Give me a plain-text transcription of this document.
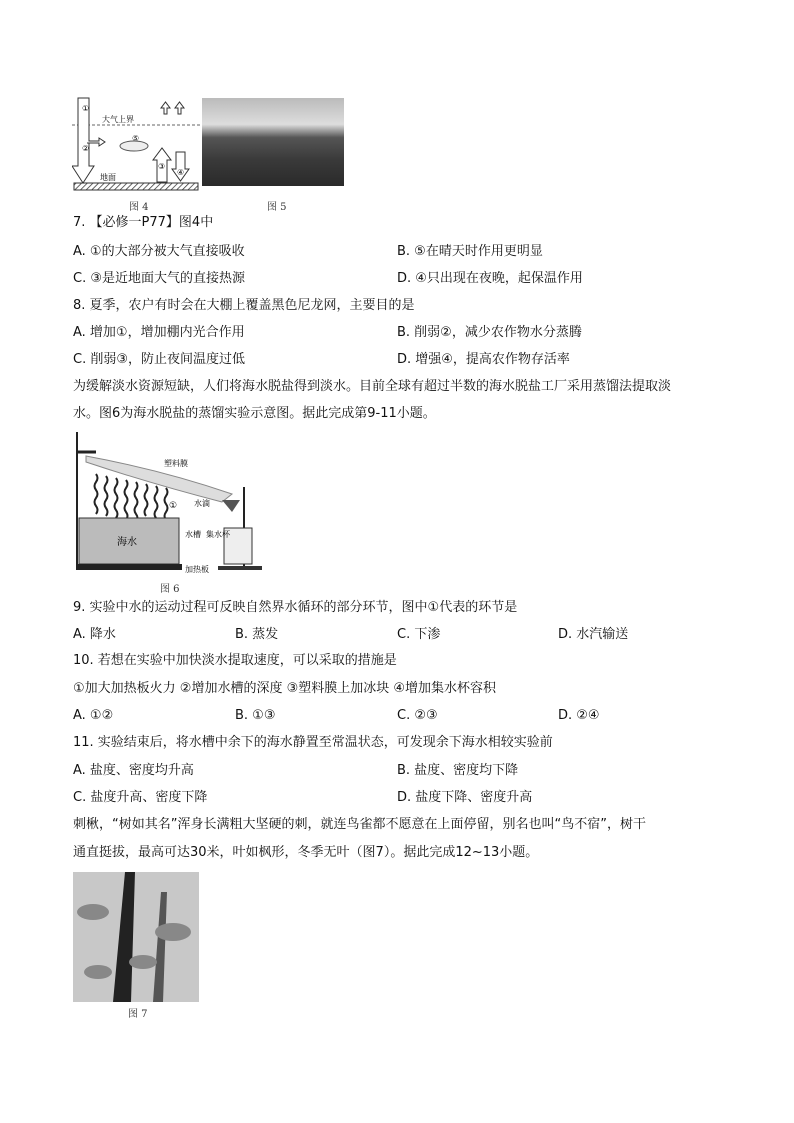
①
②
③
④
⑤
大气上界
地面
图 4	图 5
7. 【必修一P77】图4中
A. ①的大部分被大气直接吸收	B. ⑤在晴天时作用更明显
C. ③是近地面大气的直接热源	D. ④只出现在夜晚，起保温作用
8. 夏季，农户有时会在大棚上覆盖黑色尼龙网，主要目的是
A. 增加①，增加棚内光合作用	B. 削弱②，减少农作物水分蒸腾
C. 削弱③，防止夜间温度过低	D. 增强④，提高农作物存活率
为缓解淡水资源短缺，人们将海水脱盐得到淡水。目前全球有超过半数的海水脱盐工厂采用蒸馏法提取淡
水。图6为海水脱盐的蒸馏实验示意图。据此完成第9-11小题。
塑料膜
水滴
①
海水
水槽 集水杯
加热板
图 6
9. 实验中水的运动过程可反映自然界水循环的部分环节，图中①代表的环节是
A. 降水	B. 蒸发	C. 下渗	D. 水汽输送
10. 若想在实验中加快淡水提取速度，可以采取的措施是
①加大加热板火力 ②增加水槽的深度 ③塑料膜上加冰块 ④增加集水杯容积
A. ①②	B. ①③	C. ②③	D. ②④
11. 实验结束后，将水槽中余下的海水静置至常温状态，可发现余下海水相较实验前
A. 盐度、密度均升高	B. 盐度、密度均下降
C. 盐度升高、密度下降	D. 盐度下降、密度升高
刺楸，“树如其名”浑身长满粗大坚硬的刺，就连鸟雀都不愿意在上面停留，别名也叫“鸟不宿”，树干
通直挺拔，最高可达30米，叶如枫形，冬季无叶（图7）。据此完成12~13小题。
图 7
